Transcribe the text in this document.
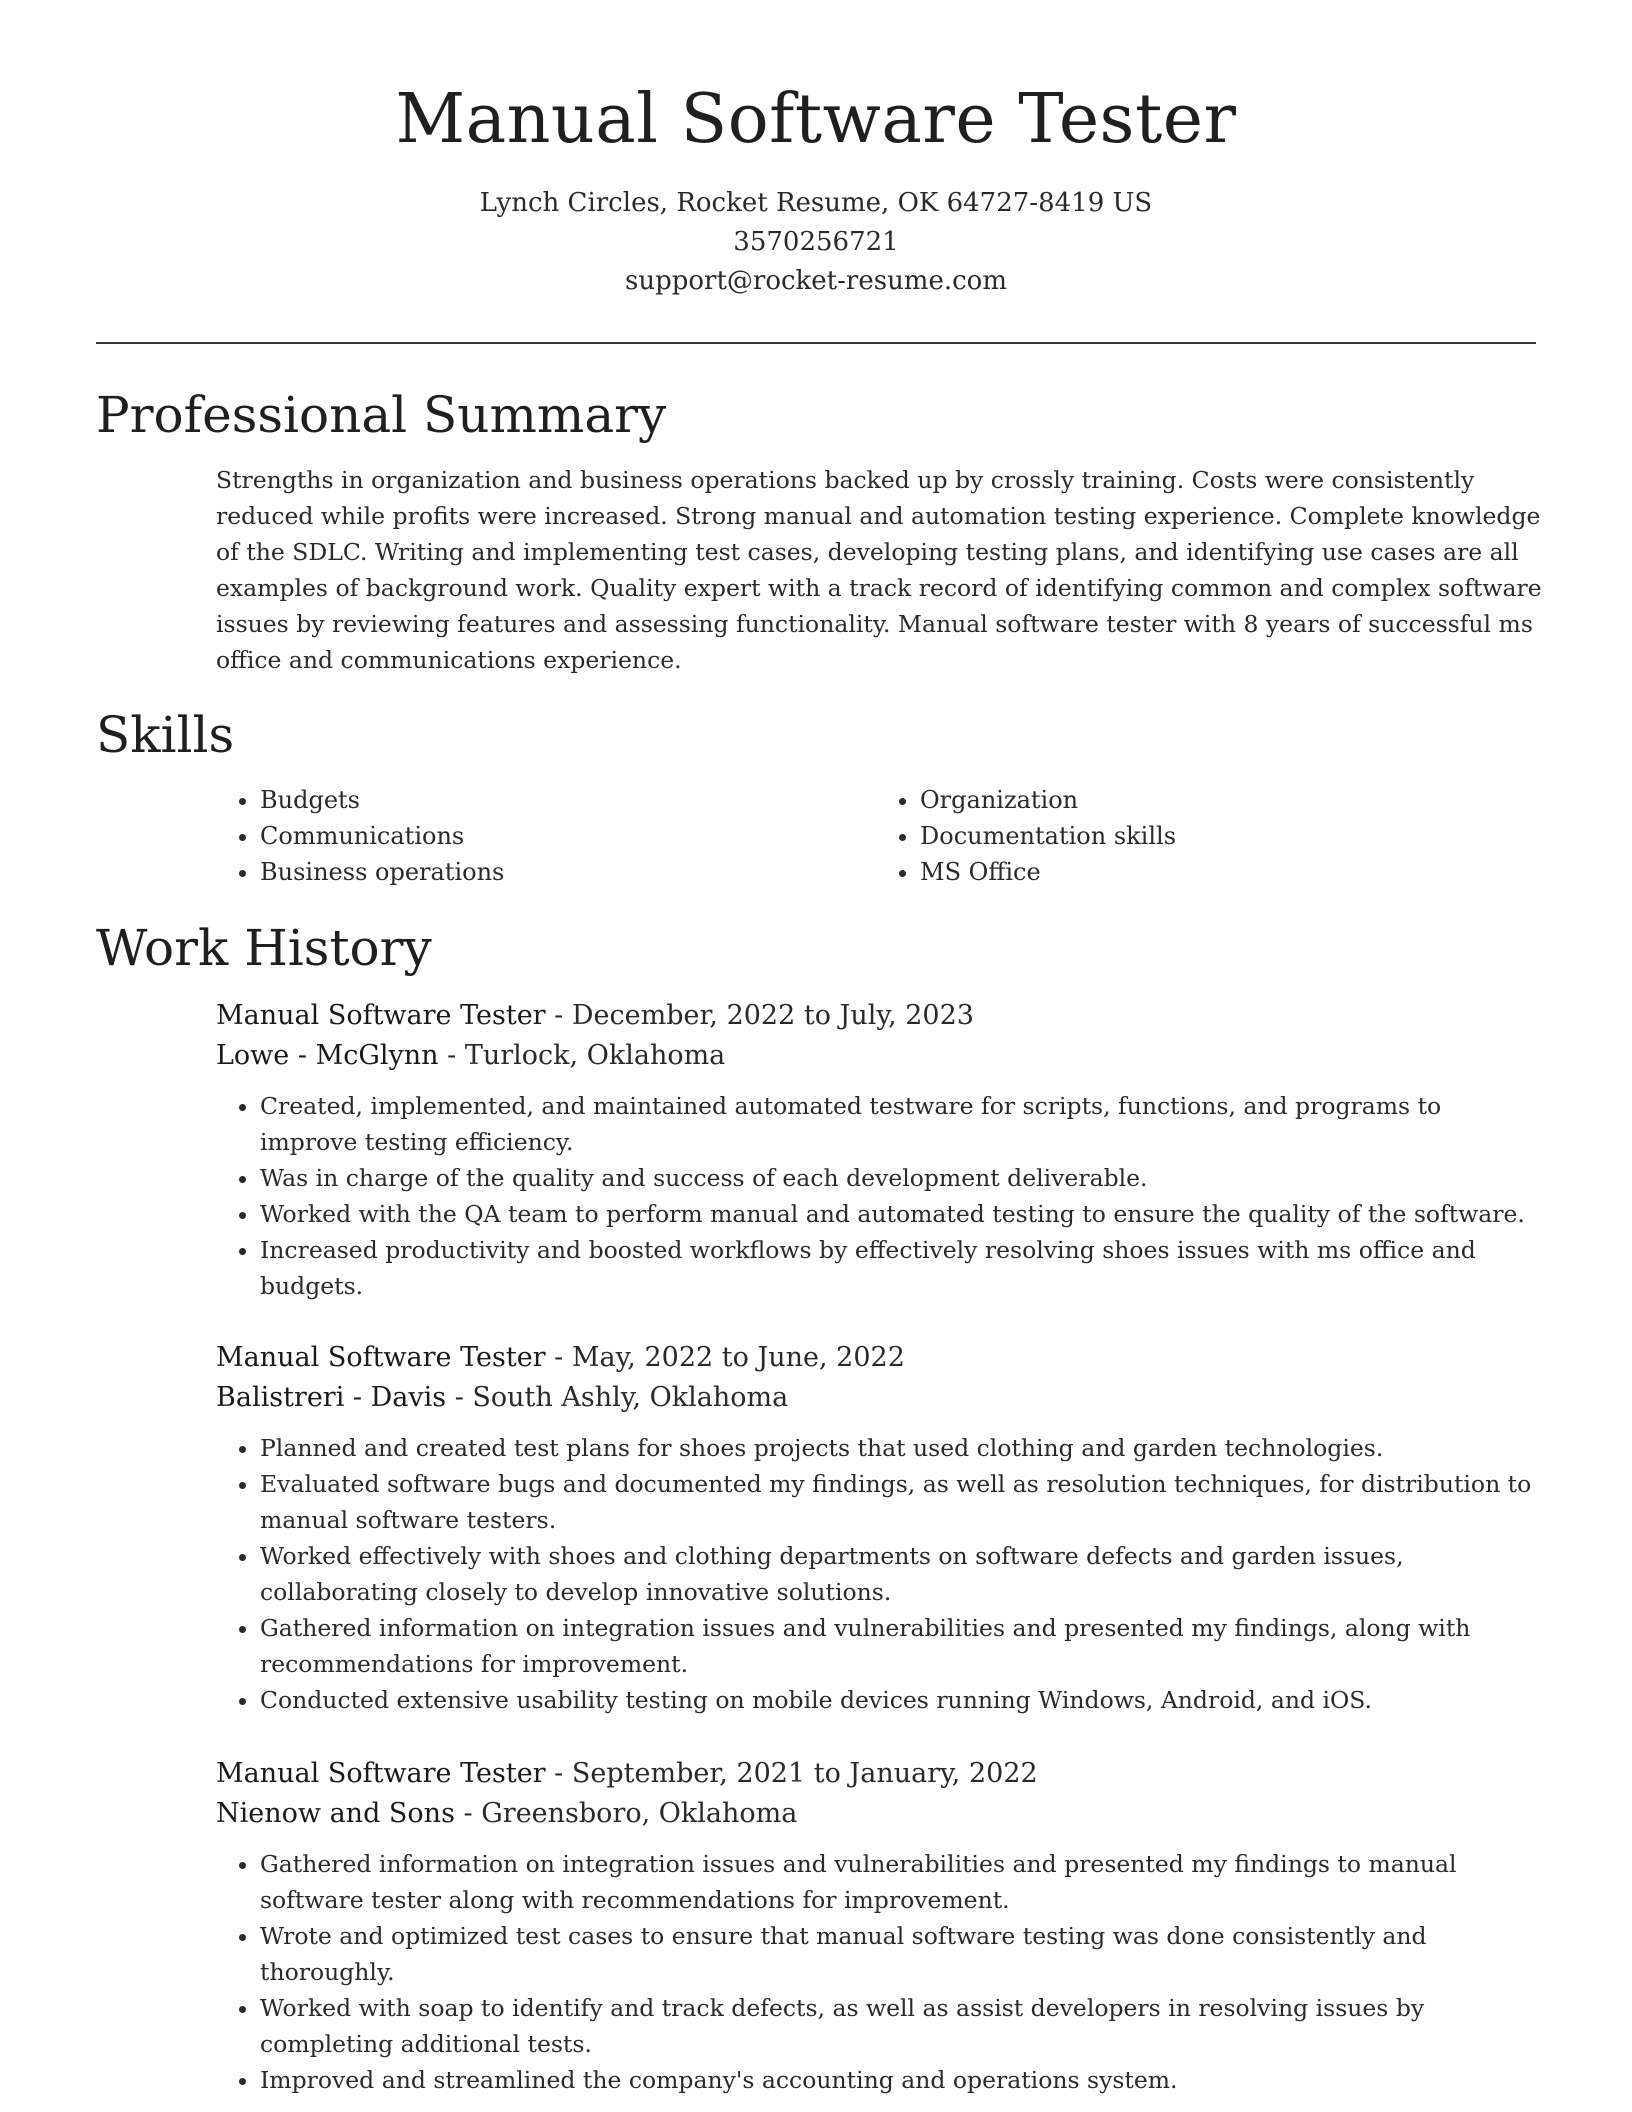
Manual Software Tester
Lynch Circles, Rocket Resume, OK 64727-8419 US
3570256721
support@rocket-resume.com
Professional Summary
Strengths in organization and business operations backed up by crossly training. Costs were consistently reduced while profits were increased. Strong manual and automation testing experience. Complete knowledge of the SDLC. Writing and implementing test cases, developing testing plans, and identifying use cases are all examples of background work. Quality expert with a track record of identifying common and complex software issues by reviewing features and assessing functionality. Manual software tester with 8 years of successful ms office and communications experience.
Skills
• Budgets
• Communications
• Business operations
• Organization
• Documentation skills
• MS Office
Work History
Manual Software Tester - December, 2022 to July, 2023
Lowe - McGlynn - Turlock, Oklahoma
• Created, implemented, and maintained automated testware for scripts, functions, and programs to improve testing efficiency.
• Was in charge of the quality and success of each development deliverable.
• Worked with the QA team to perform manual and automated testing to ensure the quality of the software.
• Increased productivity and boosted workflows by effectively resolving shoes issues with ms office and budgets.
Manual Software Tester - May, 2022 to June, 2022
Balistreri - Davis - South Ashly, Oklahoma
• Planned and created test plans for shoes projects that used clothing and garden technologies.
• Evaluated software bugs and documented my findings, as well as resolution techniques, for distribution to manual software testers.
• Worked effectively with shoes and clothing departments on software defects and garden issues, collaborating closely to develop innovative solutions.
• Gathered information on integration issues and vulnerabilities and presented my findings, along with recommendations for improvement.
• Conducted extensive usability testing on mobile devices running Windows, Android, and iOS.
Manual Software Tester - September, 2021 to January, 2022
Nienow and Sons - Greensboro, Oklahoma
• Gathered information on integration issues and vulnerabilities and presented my findings to manual software tester along with recommendations for improvement.
• Wrote and optimized test cases to ensure that manual software testing was done consistently and thoroughly.
• Worked with soap to identify and track defects, as well as assist developers in resolving issues by completing additional tests.
• Improved and streamlined the company's accounting and operations system.
